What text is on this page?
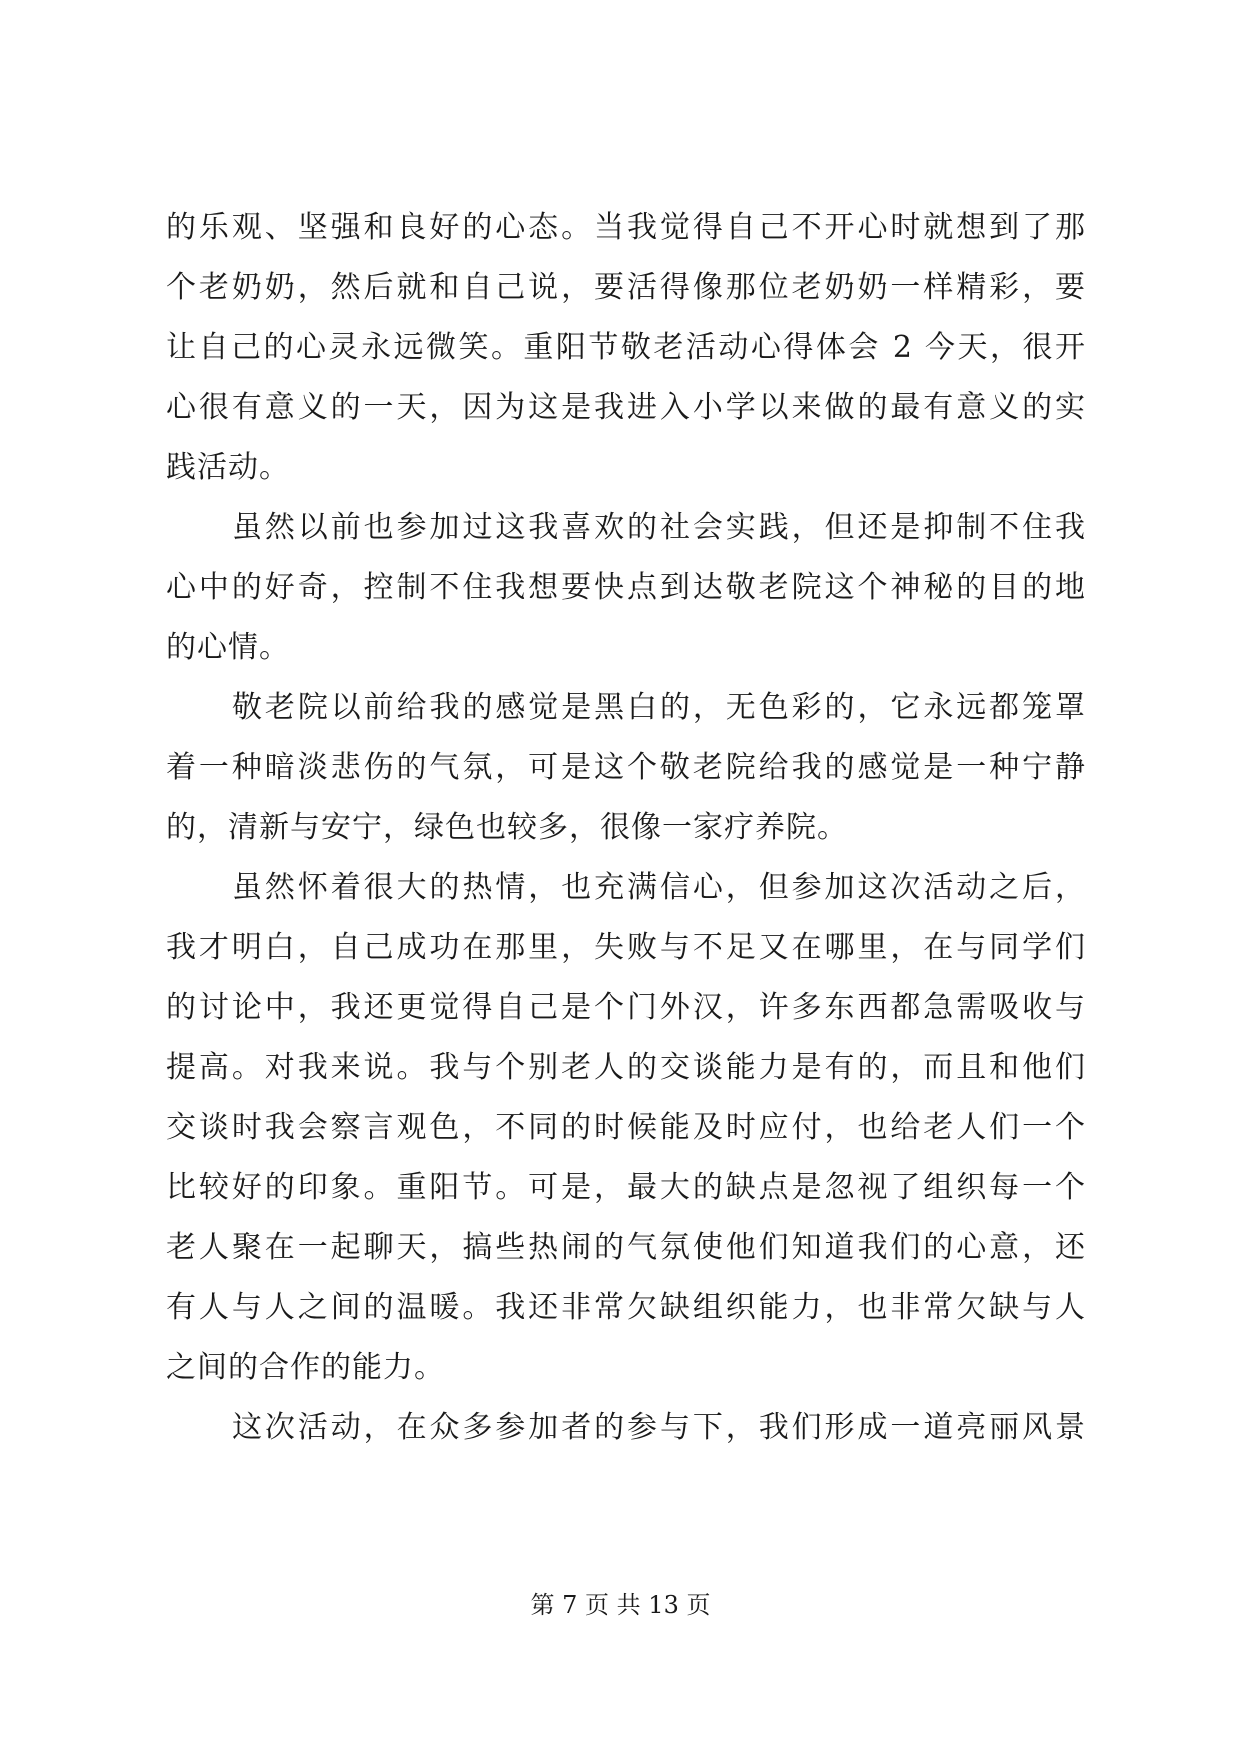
的乐观、坚强和良好的心态。当我觉得自己不开心时就想到了那
个老奶奶，然后就和自己说，要活得像那位老奶奶一样精彩，要
让自己的心灵永远微笑。重阳节敬老活动心得体会 2 今天，很开
心很有意义的一天，因为这是我进入小学以来做的最有意义的实
践活动。
虽然以前也参加过这我喜欢的社会实践，但还是抑制不住我
心中的好奇，控制不住我想要快点到达敬老院这个神秘的目的地
的心情。
敬老院以前给我的感觉是黑白的，无色彩的，它永远都笼罩
着一种暗淡悲伤的气氛，可是这个敬老院给我的感觉是一种宁静
的，清新与安宁，绿色也较多，很像一家疗养院。
虽然怀着很大的热情，也充满信心，但参加这次活动之后，
我才明白，自己成功在那里，失败与不足又在哪里，在与同学们
的讨论中，我还更觉得自己是个门外汉，许多东西都急需吸收与
提高。对我来说。我与个别老人的交谈能力是有的，而且和他们
交谈时我会察言观色，不同的时候能及时应付，也给老人们一个
比较好的印象。重阳节。可是，最大的缺点是忽视了组织每一个
老人聚在一起聊天，搞些热闹的气氛使他们知道我们的心意，还
有人与人之间的温暖。我还非常欠缺组织能力，也非常欠缺与人
之间的合作的能力。
这次活动，在众多参加者的参与下，我们形成一道亮丽风景
第 7 页 共 13 页
